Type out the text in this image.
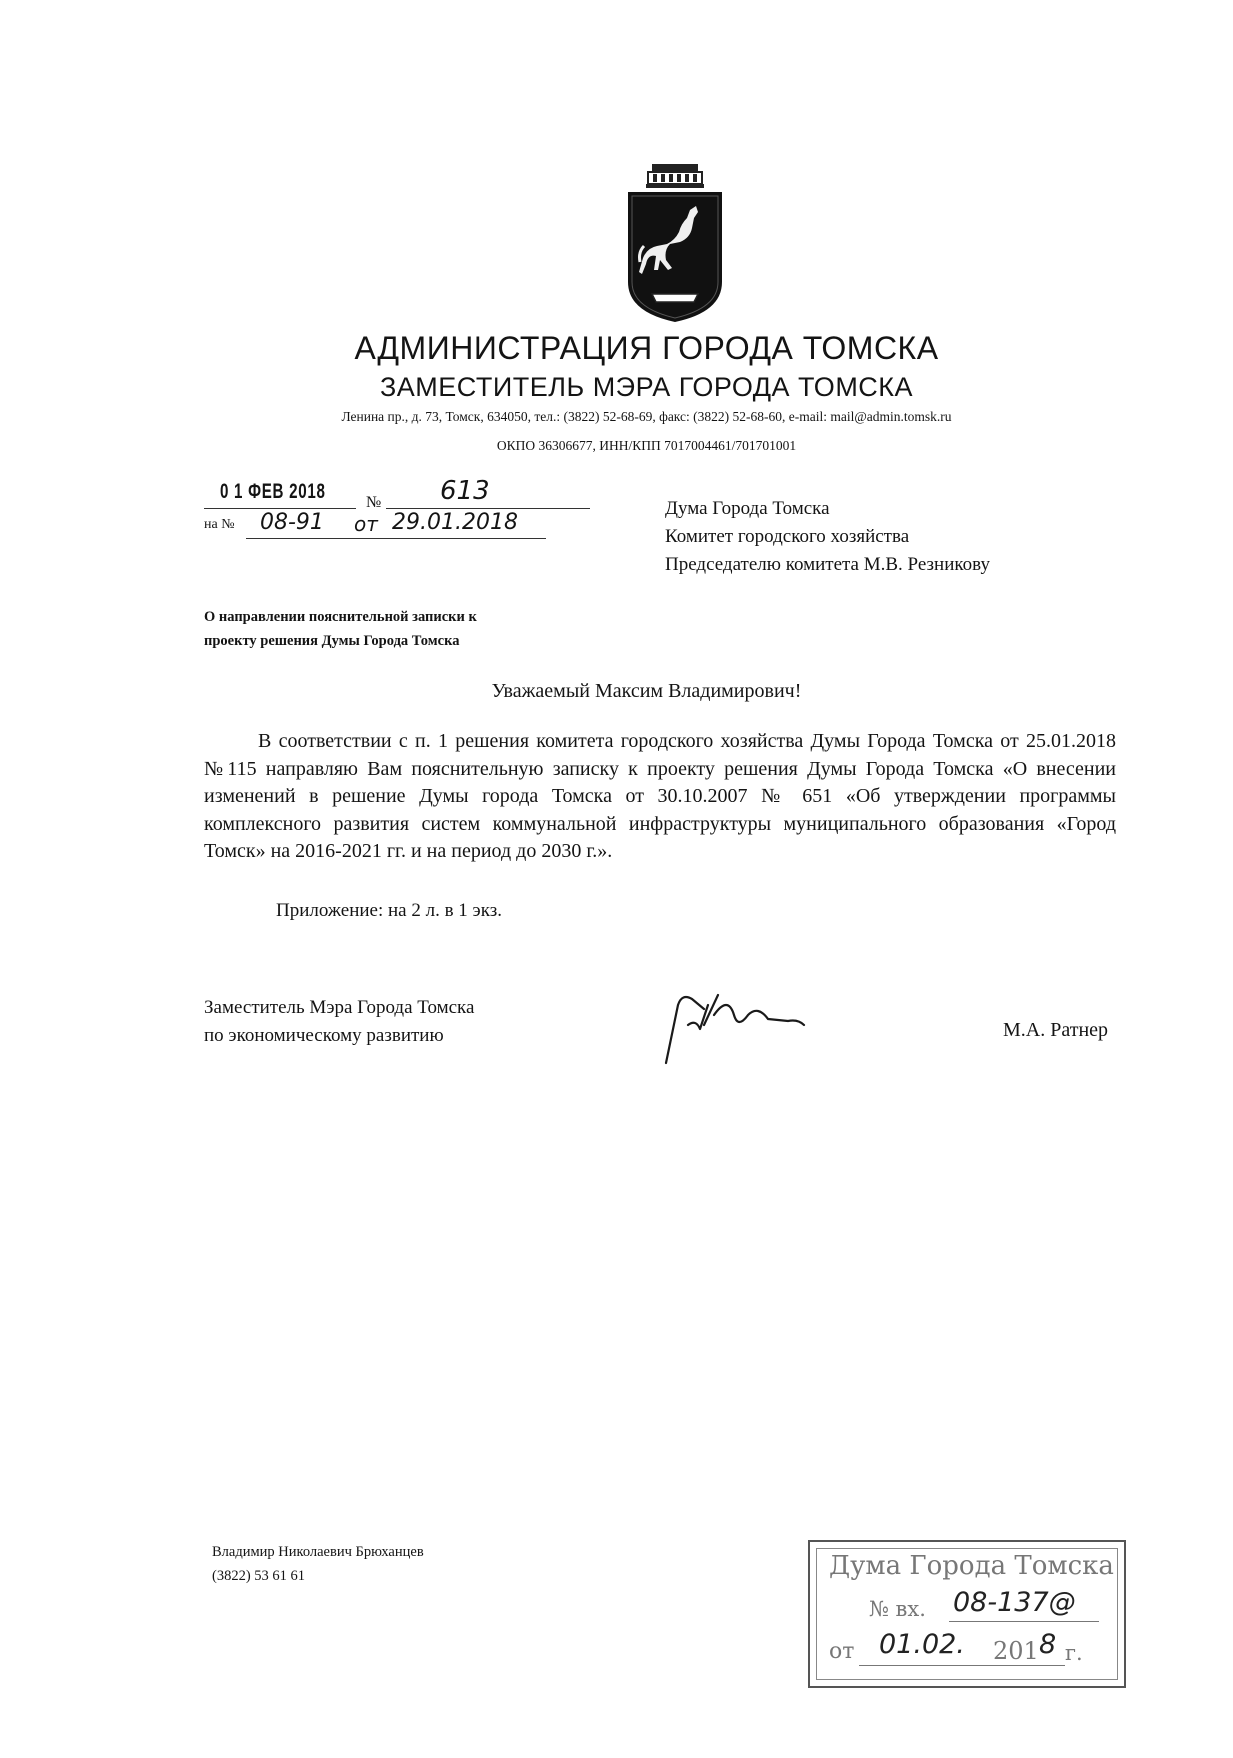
АДМИНИСТРАЦИЯ ГОРОДА ТОМСКА
ЗАМЕСТИТЕЛЬ МЭРА ГОРОДА ТОМСКА
Ленина пр., д. 73, Томск, 634050, тел.: (3822) 52-68-69, факс: (3822) 52-68-60, e-mail: mail@admin.tomsk.ru
ОКПО 36306677, ИНН/КПП 7017004461/701701001
0 1 ФЕВ 2018	№ 613
на № 08-91 от 29.01.2018
Дума Города Томска
Комитет городского хозяйства
Председателю комитета М.В. Резникову
О направлении пояснительной записки к
проекту решения Думы Города Томска
Уважаемый Максим Владимирович!
В соответствии с п. 1 решения комитета городского хозяйства Думы Города Томска от 25.01.2018 №115 направляю Вам пояснительную записку к проекту решения Думы Города Томска «О внесении изменений в решение Думы города Томска от 30.10.2007 № 651 «Об утверждении программы комплексного развития систем коммунальной инфраструктуры муниципального образования «Город Томск» на 2016-2021 гг. и на период до 2030 г.».
Приложение: на 2 л. в 1 экз.
Заместитель Мэра Города Томска
по экономическому развитию	М.А. Ратнер
Владимир Николаевич Брюханцев
(3822) 53 61 61	Дума Города Томска
№ вх. 08-137@
от 01.02. 201 8 г.
